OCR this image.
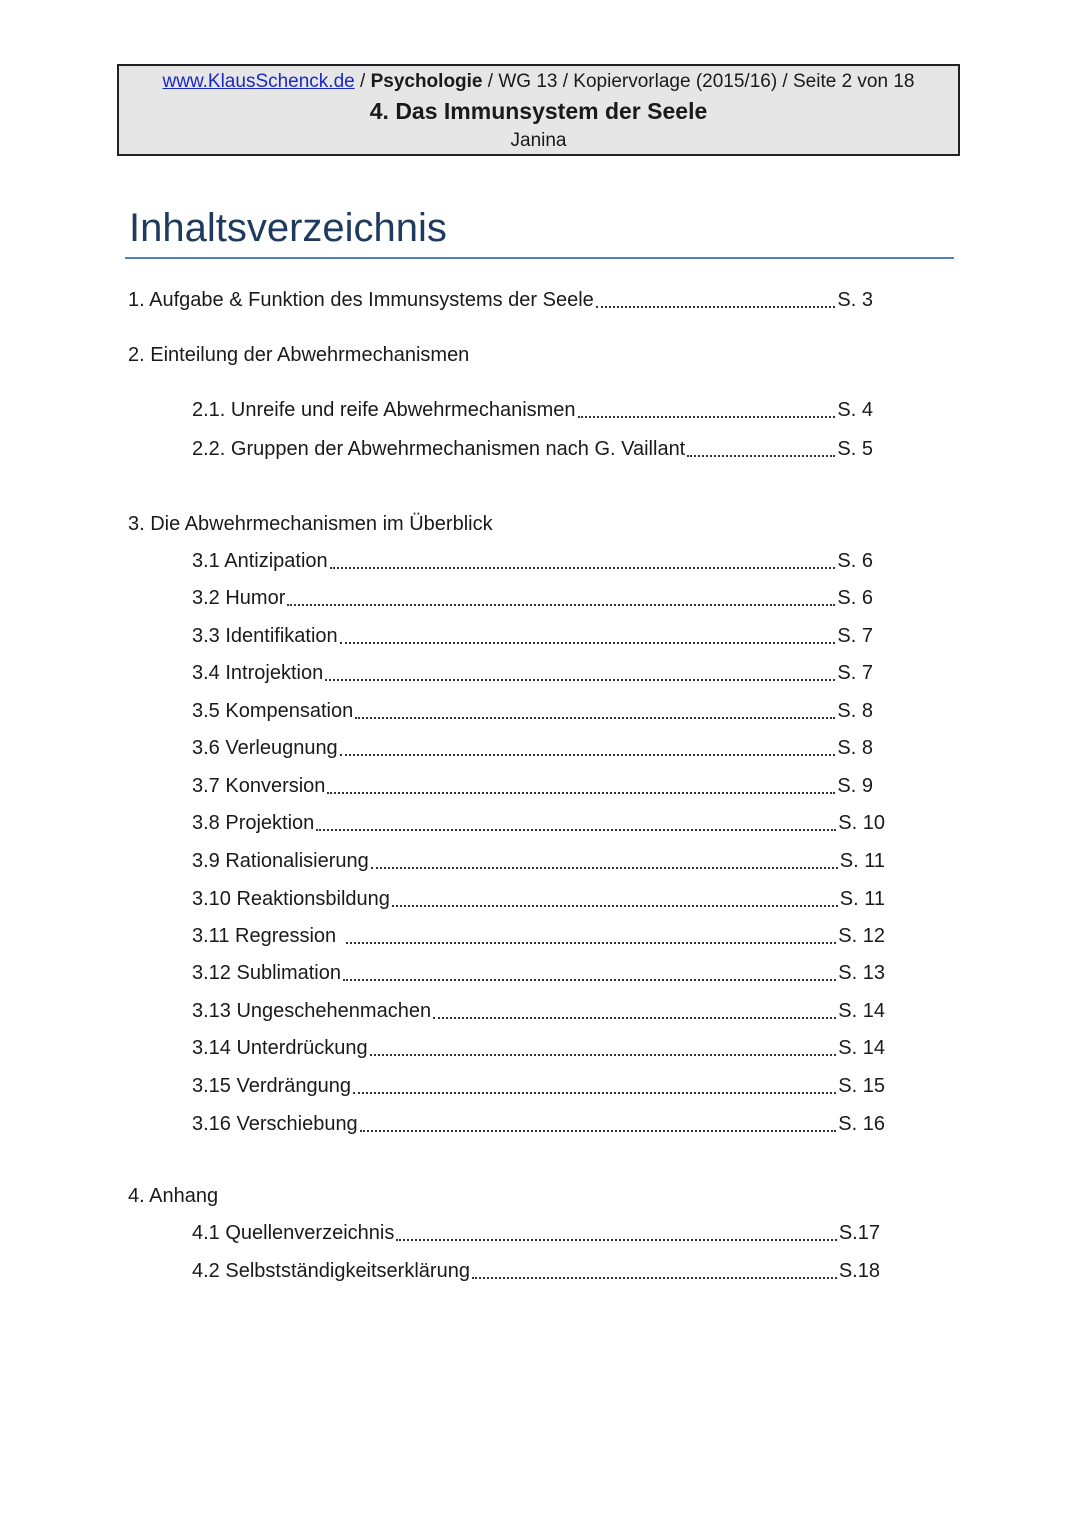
www.KlausSchenck.de / Psychologie / WG 13 / Kopiervorlage (2015/16) / Seite 2 von 18
4. Das Immunsystem der Seele
Janina
Inhaltsverzeichnis
1. Aufgabe & Funktion des Immunsystems der Seele	S. 3
2. Einteilung der Abwehrmechanismen
2.1. Unreife und reife Abwehrmechanismen	S. 4
2.2. Gruppen der Abwehrmechanismen nach G. Vaillant	S. 5
3. Die Abwehrmechanismen im Überblick
3.1 Antizipation	S. 6
3.2 Humor	S. 6
3.3 Identifikation	S. 7
3.4 Introjektion	S. 7
3.5 Kompensation	S. 8
3.6 Verleugnung	S. 8
3.7 Konversion	S. 9
3.8 Projektion	S. 10
3.9 Rationalisierung	S. 11
3.10 Reaktionsbildung	S. 11
3.11 Regression	S. 12
3.12 Sublimation	S. 13
3.13 Ungeschehenmachen	S. 14
3.14 Unterdrückung	S. 14
3.15 Verdrängung	S. 15
3.16 Verschiebung	S. 16
4. Anhang
4.1 Quellenverzeichnis	S.17
4.2 Selbstständigkeitserklärung	S.18
